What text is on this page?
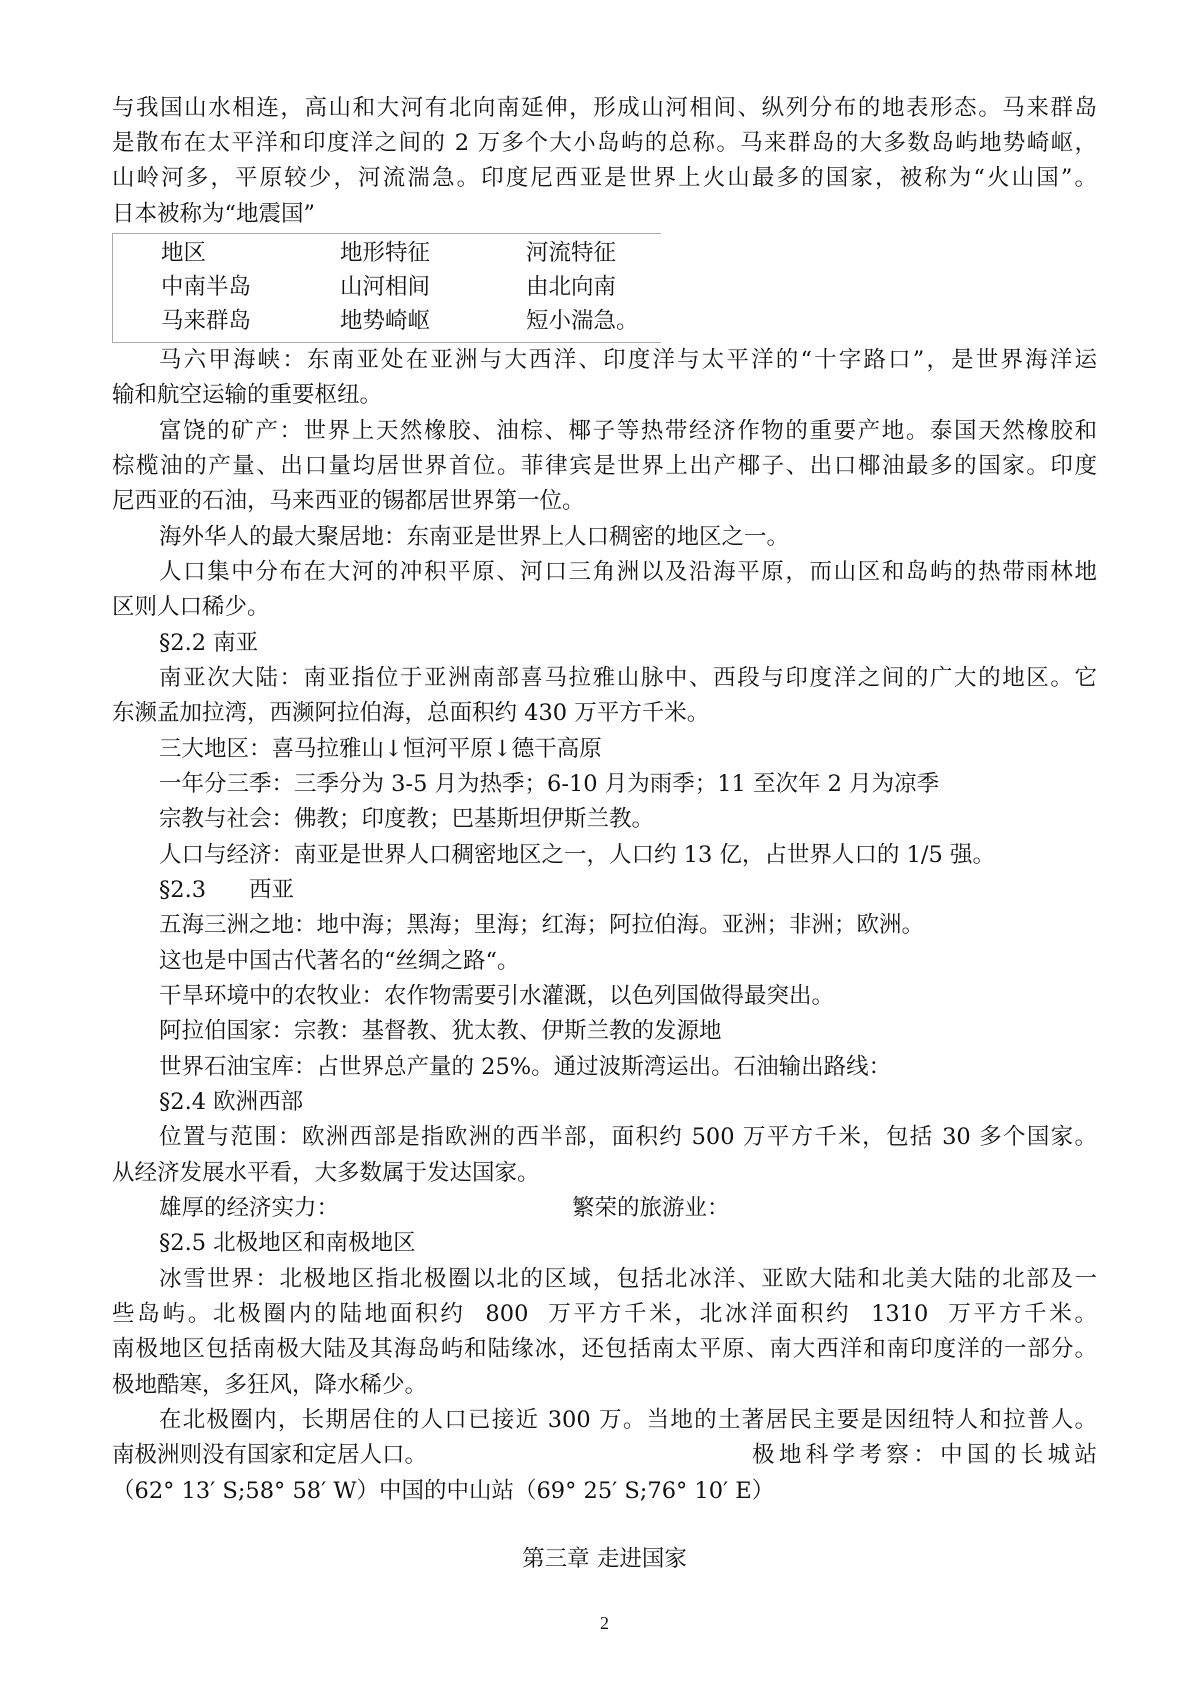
与我国山水相连，高山和大河有北向南延伸，形成山河相间、纵列分布的地表形态。马来群岛
是散布在太平洋和印度洋之间的 2 万多个大小岛屿的总称。马来群岛的大多数岛屿地势崎岖，
山岭河多，平原较少，河流湍急。印度尼西亚是世界上火山最多的国家，被称为“火山国”。
日本被称为“地震国”
地区	地形特征	河流特征
中南半岛	山河相间	由北向南
马来群岛	地势崎岖	短小湍急。
马六甲海峡：东南亚处在亚洲与大西洋、印度洋与太平洋的“十字路口”，是世界海洋运
输和航空运输的重要枢纽。
富饶的矿产：世界上天然橡胶、油棕、椰子等热带经济作物的重要产地。泰国天然橡胶和
棕榄油的产量、出口量均居世界首位。菲律宾是世界上出产椰子、出口椰油最多的国家。印度
尼西亚的石油，马来西亚的锡都居世界第一位。
海外华人的最大聚居地：东南亚是世界上人口稠密的地区之一。
人口集中分布在大河的冲积平原、河口三角洲以及沿海平原，而山区和岛屿的热带雨林地
区则人口稀少。
§2.2 南亚
南亚次大陆：南亚指位于亚洲南部喜马拉雅山脉中、西段与印度洋之间的广大的地区。它
东濒孟加拉湾，西濒阿拉伯海，总面积约 430 万平方千米。
三大地区：喜马拉雅山↓恒河平原↓德干高原
一年分三季：三季分为 3-5 月为热季；6-10 月为雨季；11 至次年 2 月为凉季
宗教与社会：佛教；印度教；巴基斯坦伊斯兰教。
人口与经济：南亚是世界人口稠密地区之一，人口约 13 亿，占世界人口的 1/5 强。
§2.3      西亚
五海三洲之地：地中海；黑海；里海；红海；阿拉伯海。亚洲；非洲；欧洲。
这也是中国古代著名的“丝绸之路“。
干旱环境中的农牧业：农作物需要引水灌溉，以色列国做得最突出。
阿拉伯国家：宗教：基督教、犹太教、伊斯兰教的发源地
世界石油宝库：占世界总产量的 25%。通过波斯湾运出。石油输出路线：
§2.4 欧洲西部
位置与范围：欧洲西部是指欧洲的西半部，面积约 500 万平方千米，包括 30 多个国家。
从经济发展水平看，大多数属于发达国家。
雄厚的经济实力：	繁荣的旅游业：
§2.5 北极地区和南极地区
冰雪世界：北极地区指北极圈以北的区域，包括北冰洋、亚欧大陆和北美大陆的北部及一
些岛屿。北极圈内的陆地面积约  800  万平方千米，北冰洋面积约  1310  万平方千米。
南极地区包括南极大陆及其海岛屿和陆缘冰，还包括南太平原、南大西洋和南印度洋的一部分。
极地酷寒，多狂风，降水稀少。
在北极圈内，长期居住的人口已接近 300 万。当地的土著居民主要是因纽特人和拉普人。
南极洲则没有国家和定居人口。	极地科学考察：中国的长城站
（62° 13′ S;58° 58′ W）中国的中山站（69° 25′ S;76° 10′ E）
第三章 走进国家
2
